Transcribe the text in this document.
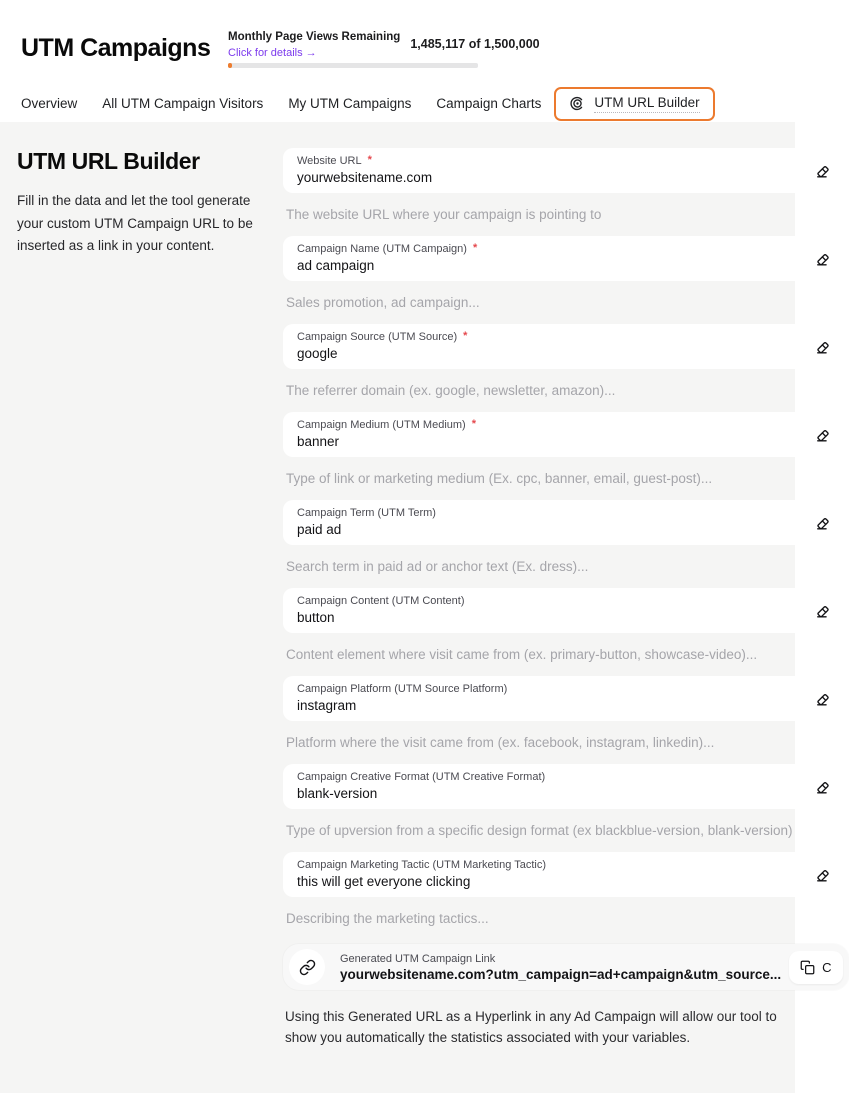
UTM Campaigns Monthly Page Views Remaining
Click for details →
1,485,117 of 1,500,000
Overview All UTM Campaign Visitors My UTM Campaigns Campaign Charts	UTM URL Builder
UTM URL Builder
Fill in the data and let the tool generate your custom UTM Campaign URL to be inserted as a link in your content.
Website URL *
yourwebsitename.com
The website URL where your campaign is pointing to
Campaign Name (UTM Campaign) *
ad campaign
Sales promotion, ad campaign...
Campaign Source (UTM Source) *
google
The referrer domain (ex. google, newsletter, amazon)...
Campaign Medium (UTM Medium) *
banner
Type of link or marketing medium (Ex. cpc, banner, email, guest-post)...
Campaign Term (UTM Term)
paid ad
Search term in paid ad or anchor text (Ex. dress)...
Campaign Content (UTM Content)
button
Content element where visit came from (ex. primary-button, showcase-video)...
Campaign Platform (UTM Source Platform)
instagram
Platform where the visit came from (ex. facebook, instagram, linkedin)...
Campaign Creative Format (UTM Creative Format)
blank-version
Type of upversion from a specific design format (ex blackblue-version, blank-version)
Campaign Marketing Tactic (UTM Marketing Tactic)
this will get everyone clicking
Describing the marketing tactics...
Generated UTM Campaign Link
yourwebsitename.com?utm_campaign=ad+campaign&utm_source...	C
Using this Generated URL as a Hyperlink in any Ad Campaign will allow our tool to show you automatically the statistics associated with your variables.
